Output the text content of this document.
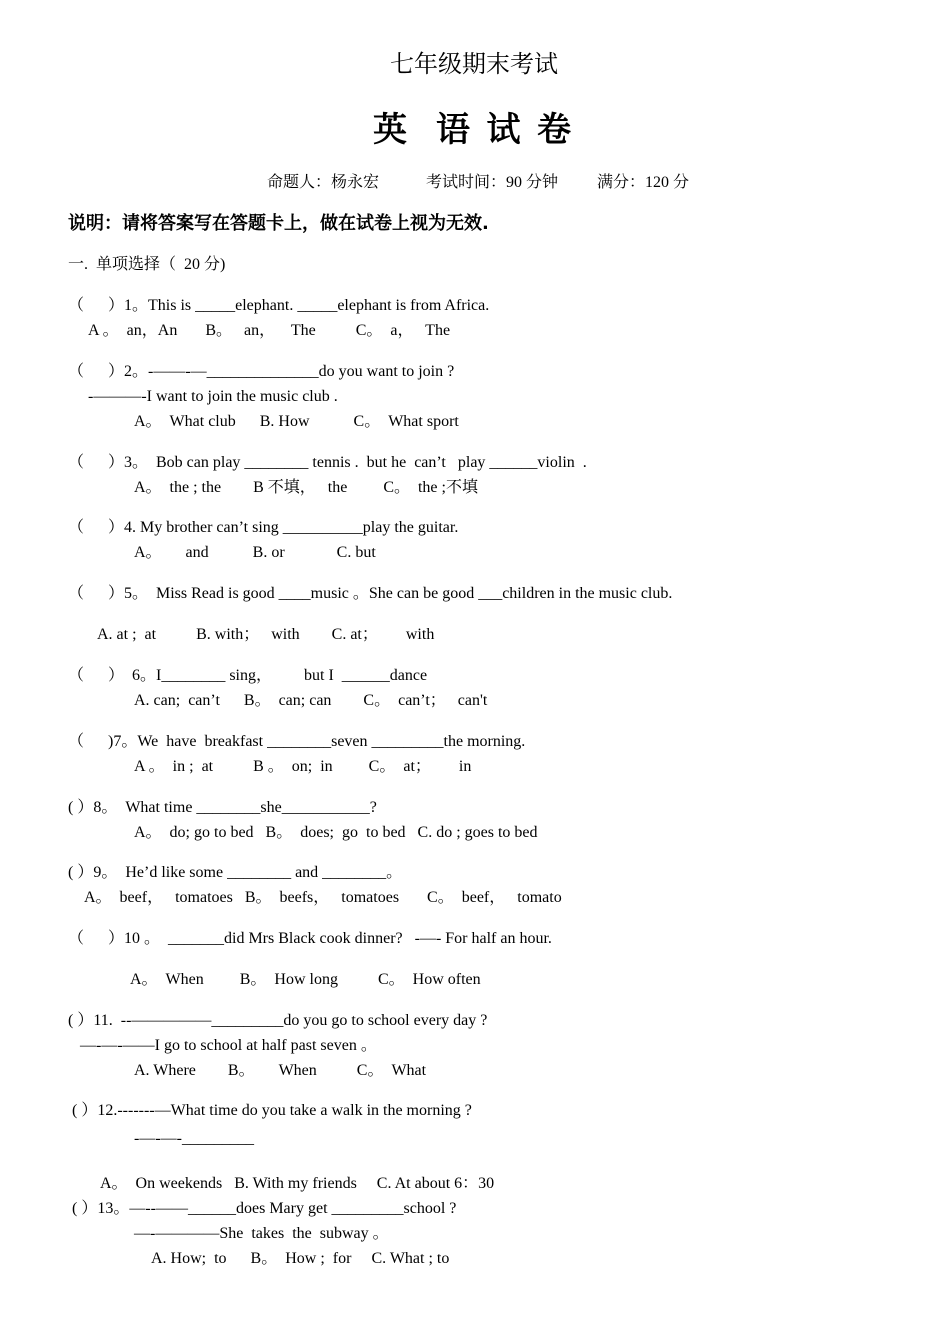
七年级期末考试
英  语 试 卷
命题人：杨永宏	考试时间：90 分钟 满分：120 分
说明：请将答案写在答题卡上，做在试卷上视为无效.
一.  单项选择（  20 分)
（      ）1。This is _____elephant. _____elephant is from Africa.
A 。  an，An       B。   an，    The          C。  a，   The
（      ）2。-——-—______________do you want to join ?
-———-I want to join the music club .
A。  What club      B. How           C。  What sport
（      ）3。  Bob can play ________ tennis .  but he  can’t   play ______violin  .
A。  the ; the        B 不填，   the         C。  the ;不填
（      ）4. My brother can’t sing __________play the guitar.
A。      and           B. or             C. but
（      ）5。  Miss Read is good ____music 。She can be good ___children in the music club.
A. at ;  at          B. with；   with        C. at；       with
（      ）  6。I________ sing，        but I  ______dance
A. can;  can’t      B。  can; can        C。  can’t；   can't
（      )7。We  have  breakfast ________seven _________the morning.
A 。  in ;  at          B 。  on;  in         C。  at；       in
( ）8。  What time ________she___________?
A。  do; go to bed   B。  does;  go  to bed   C. do ; goes to bed
( ）9。  He’d like some ________ and ________。
A。  beef，   tomatoes   B。  beefs，   tomatoes       C。  beef，   tomato
（      ）10 。  _______did Mrs Black cook dinner?   -—- For half an hour.
A。  When         B。  How long          C。  How often
( ）11.  --—————_________do you go to school every day ?
—-—-——I go to school at half past seven 。
A. Where        B。      When          C。  What
( ）12.-------—What time do you take a walk in the morning ?
-—-—-_________
A。  On weekends   B. With my friends     C. At about 6：30
( ）13。—--——______does Mary get _________school ?
—-————She  takes  the  subway 。
A. How;  to      B。  How ;  for     C. What ; to
